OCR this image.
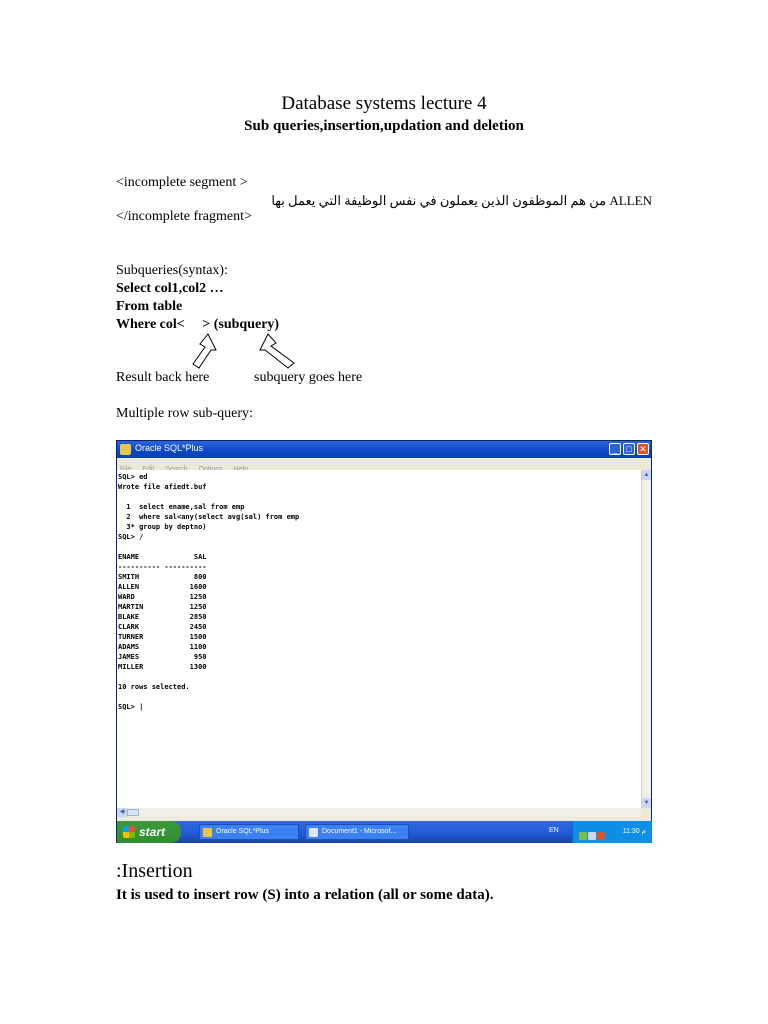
Database systems lecture 4
Sub queries,insertion,updation and deletion
<incomplete segment >
ALLEN من هم الموظفون الذين يعملون في نفس الوظيفة التي يعمل بها
</incomplete fragment>
Subqueries(syntax):
Select col1,col2 …
From table
Where col<     > (subquery)
Result back here	subquery goes here
Multiple row sub-query:
Oracle SQL*Plus	_ □ ✕
SQL> ed
Wrote file afiedt.buf

1  select ename,sal from emp
2  where sal<any(select avg(sal) from emp
3* group by deptno)
SQL> /

ENAME             SAL
---------- ----------
SMITH             800
ALLEN            1600
WARD             1250
MARTIN           1250
BLAKE            2850
CLARK            2450
TURNER           1500
ADAMS            1100
JAMES             950
MILLER           1300

10 rows selected.

SQL> |
▲
▼
◀
start	Oracle SQL*Plus	Document1 - Microsof...	EN	11:30 م
:Insertion
It is used to insert row (S) into a relation (all or some data).
